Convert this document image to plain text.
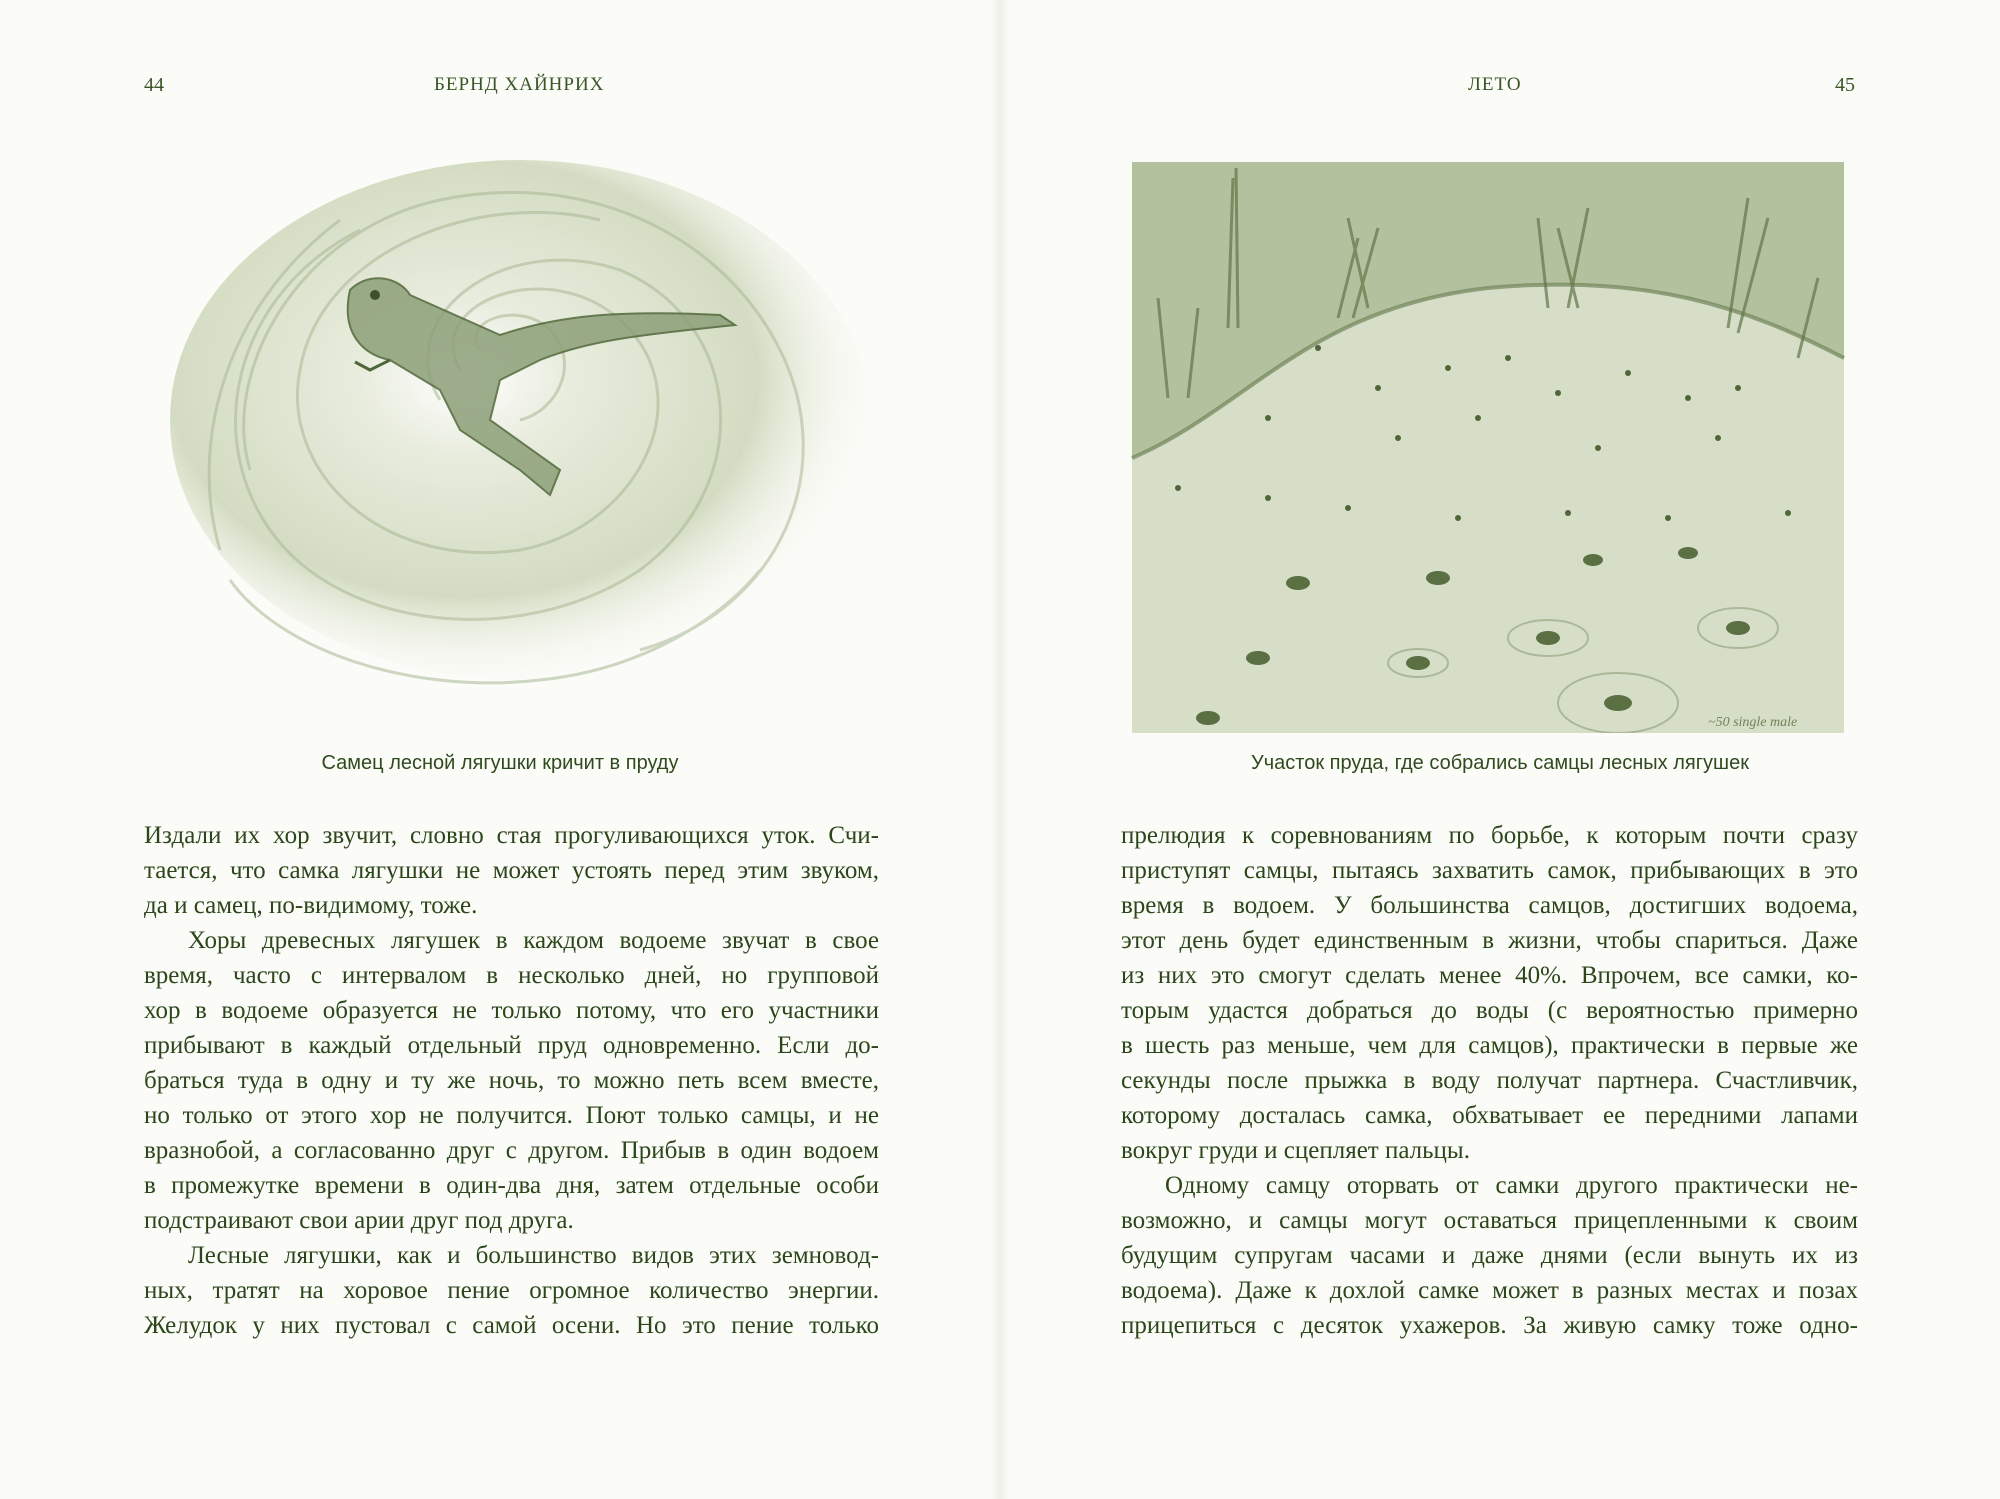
44	БЕРНД ХАЙНРИХ
Самец лесной лягушки кричит в пруду
Издали их хор звучит, словно стая прогуливающихся уток. Счи-
тается, что самка лягушки не может устоять перед этим звуком,
да и самец, по-видимому, тоже.
Хоры древесных лягушек в каждом водоеме звучат в свое
время, часто с интервалом в несколько дней, но групповой
хор в водоеме образуется не только потому, что его участники
прибывают в каждый отдельный пруд одновременно. Если до-
браться туда в одну и ту же ночь, то можно петь всем вместе,
но только от этого хор не получится. Поют только самцы, и не
вразнобой, а согласованно друг с другом. Прибыв в один водоем
в промежутке времени в один-два дня, затем отдельные особи
подстраивают свои арии друг под друга.
Лесные лягушки, как и большинство видов этих земновод-
ных, тратят на хоровое пение огромное количество энергии.
Желудок у них пустовал с самой осени. Но это пение только
ЛЕТО	45
~50 single male
Участок пруда, где собрались самцы лесных лягушек
прелюдия к соревнованиям по борьбе, к которым почти сразу
приступят самцы, пытаясь захватить самок, прибывающих в это
время в водоем. У большинства самцов, достигших водоема,
этот день будет единственным в жизни, чтобы спариться. Даже
из них это смогут сделать менее 40%. Впрочем, все самки, ко-
торым удастся добраться до воды (с вероятностью примерно
в шесть раз меньше, чем для самцов), практически в первые же
секунды после прыжка в воду получат партнера. Счастливчик,
которому досталась самка, обхватывает ее передними лапами
вокруг груди и сцепляет пальцы.
Одному самцу оторвать от самки другого практически не-
возможно, и самцы могут оставаться прицепленными к своим
будущим супругам часами и даже днями (если вынуть их из
водоема). Даже к дохлой самке может в разных местах и позах
прицепиться с десяток ухажеров. За живую самку тоже одно-
